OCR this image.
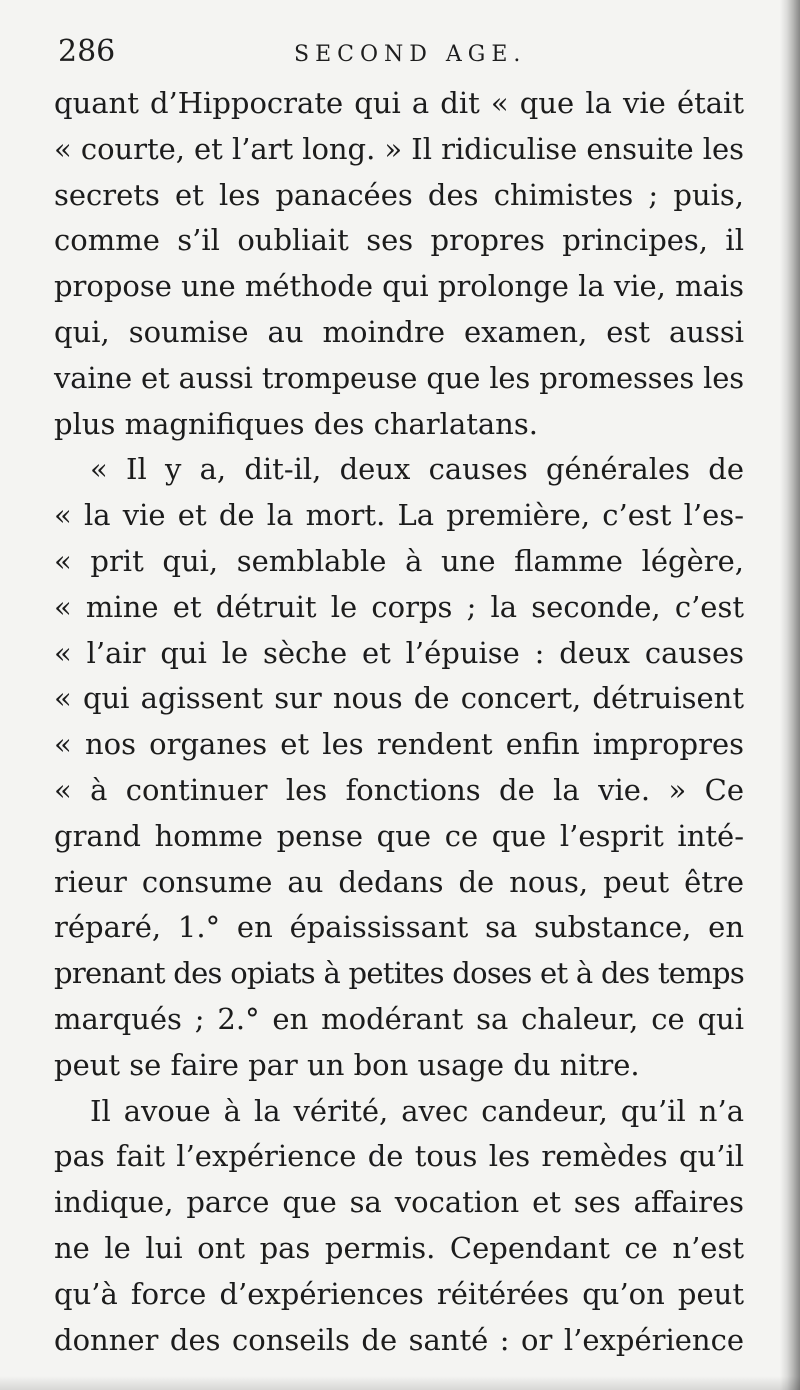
286	SECOND AGE.
quant d’Hippocrate qui a dit « que la vie était
« courte, et l’art long. » Il ridiculise ensuite les
secrets et les panacées des chimistes ; puis,
comme s’il oubliait ses propres principes, il
propose une méthode qui prolonge la vie, mais
qui, soumise au moindre examen, est aussi
vaine et aussi trompeuse que les promesses les
plus magnifiques des charlatans.
« Il y a, dit-il, deux causes générales de
« la vie et de la mort. La première, c’est l’es-
« prit qui, semblable à une flamme légère,
« mine et détruit le corps ; la seconde, c’est
« l’air qui le sèche et l’épuise : deux causes
« qui agissent sur nous de concert, détruisent
« nos organes et les rendent enfin impropres
« à continuer les fonctions de la vie. » Ce
grand homme pense que ce que l’esprit inté-
rieur consume au dedans de nous, peut être
réparé, 1.° en épaississant sa substance, en
prenant des opiats à petites doses et à des temps
marqués ; 2.° en modérant sa chaleur, ce qui
peut se faire par un bon usage du nitre.
Il avoue à la vérité, avec candeur, qu’il n’a
pas fait l’expérience de tous les remèdes qu’il
indique, parce que sa vocation et ses affaires
ne le lui ont pas permis. Cependant ce n’est
qu’à force d’expériences réitérées qu’on peut
donner des conseils de santé : or l’expérience
